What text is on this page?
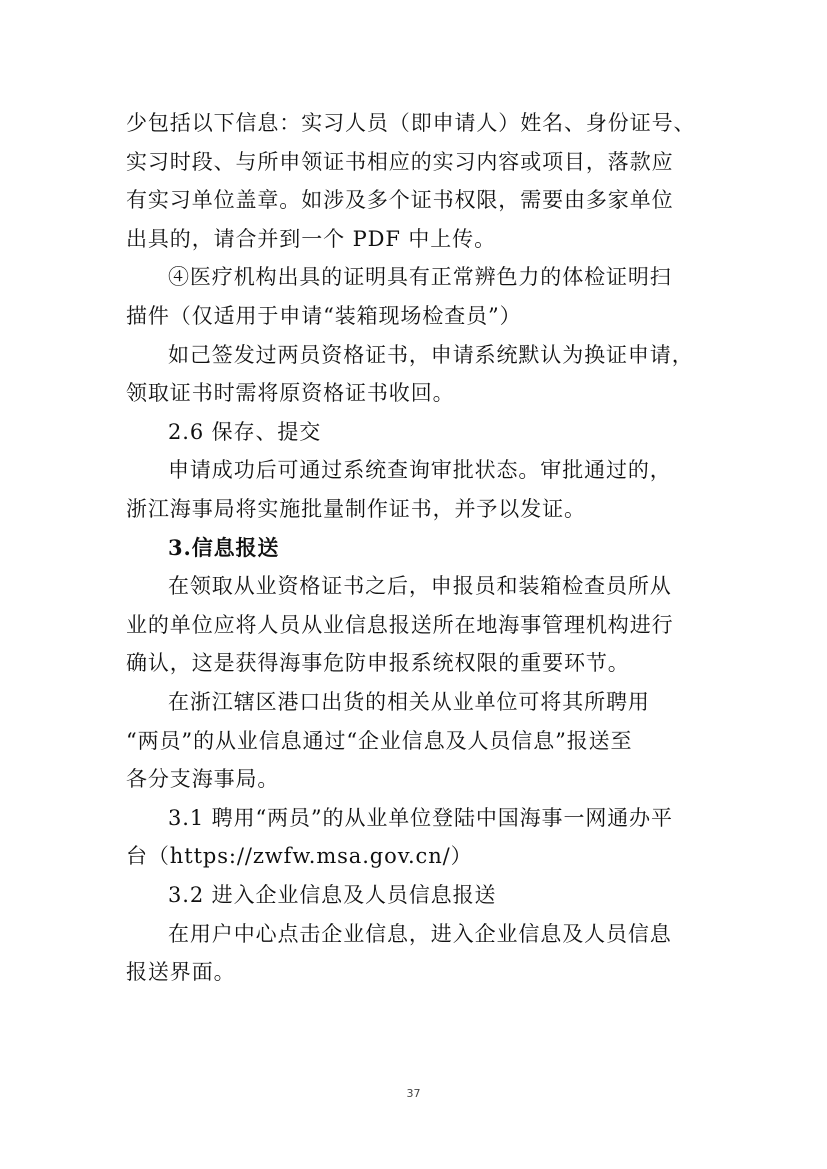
少包括以下信息：实习人员（即申请人）姓名、身份证号、
实习时段、与所申领证书相应的实习内容或项目，落款应
有实习单位盖章。如涉及多个证书权限，需要由多家单位
出具的，请合并到一个 PDF 中上传。
④医疗机构出具的证明具有正常辨色力的体检证明扫
描件（仅适用于申请“装箱现场检查员”）
如己签发过两员资格证书，申请系统默认为换证申请，
领取证书时需将原资格证书收回。
2.6 保存、提交
申请成功后可通过系统查询审批状态。审批通过的，
浙江海事局将实施批量制作证书，并予以发证。
3.信息报送
在领取从业资格证书之后，申报员和装箱检查员所从
业的单位应将人员从业信息报送所在地海事管理机构进行
确认，这是获得海事危防申报系统权限的重要环节。
在浙江辖区港口出货的相关从业单位可将其所聘用
“两员”的从业信息通过“企业信息及人员信息”报送至
各分支海事局。
3.1 聘用“两员”的从业单位登陆中国海事一网通办平
台（https://zwfw.msa.gov.cn/）
3.2 进入企业信息及人员信息报送
在用户中心点击企业信息，进入企业信息及人员信息
报送界面。
37
